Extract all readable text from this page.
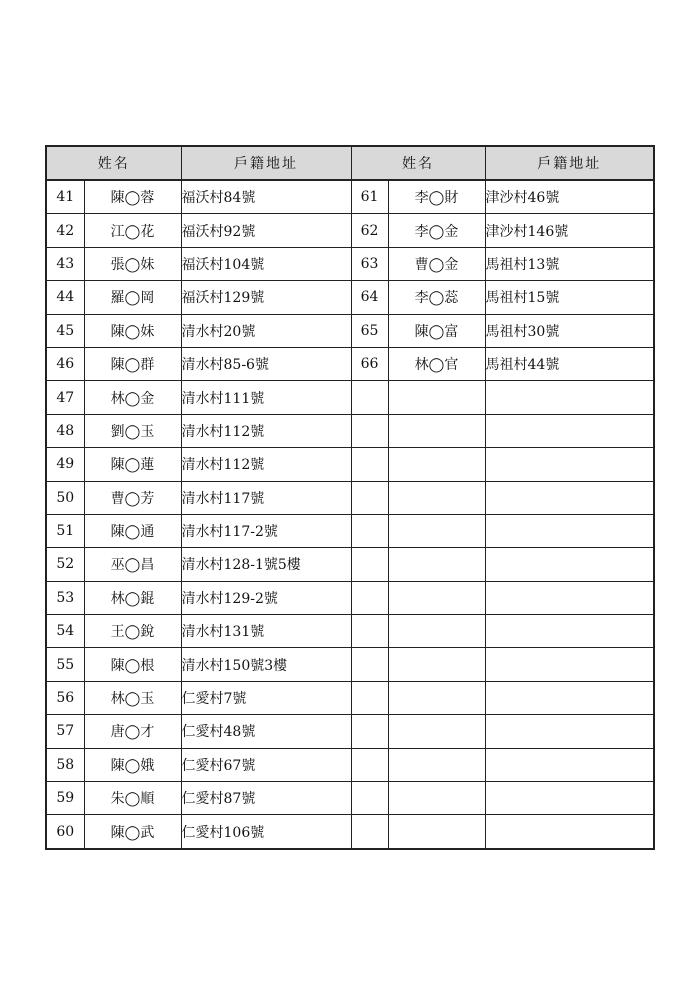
姓名		戶籍地址	姓名		戶籍地址
41	陳◯蓉	福沃村84號	61	李◯財	津沙村46號
42	江◯花	福沃村92號	62	李◯金	津沙村146號
43	張◯妹	福沃村104號	63	曹◯金	馬祖村13號
44	羅◯岡	福沃村129號	64	李◯蕊	馬祖村15號
45	陳◯妹	清水村20號	65	陳◯富	馬祖村30號
46	陳◯群	清水村85-6號	66	林◯官	馬祖村44號
47	林◯金	清水村111號			
48	劉◯玉	清水村112號			
49	陳◯蓮	清水村112號			
50	曹◯芳	清水村117號			
51	陳◯通	清水村117-2號			
52	巫◯昌	清水村128-1號5樓			
53	林◯錕	清水村129-2號			
54	王◯銳	清水村131號			
55	陳◯根	清水村150號3樓			
56	林◯玉	仁愛村7號			
57	唐◯才	仁愛村48號			
58	陳◯娥	仁愛村67號			
59	朱◯順	仁愛村87號			
60	陳◯武	仁愛村106號			
